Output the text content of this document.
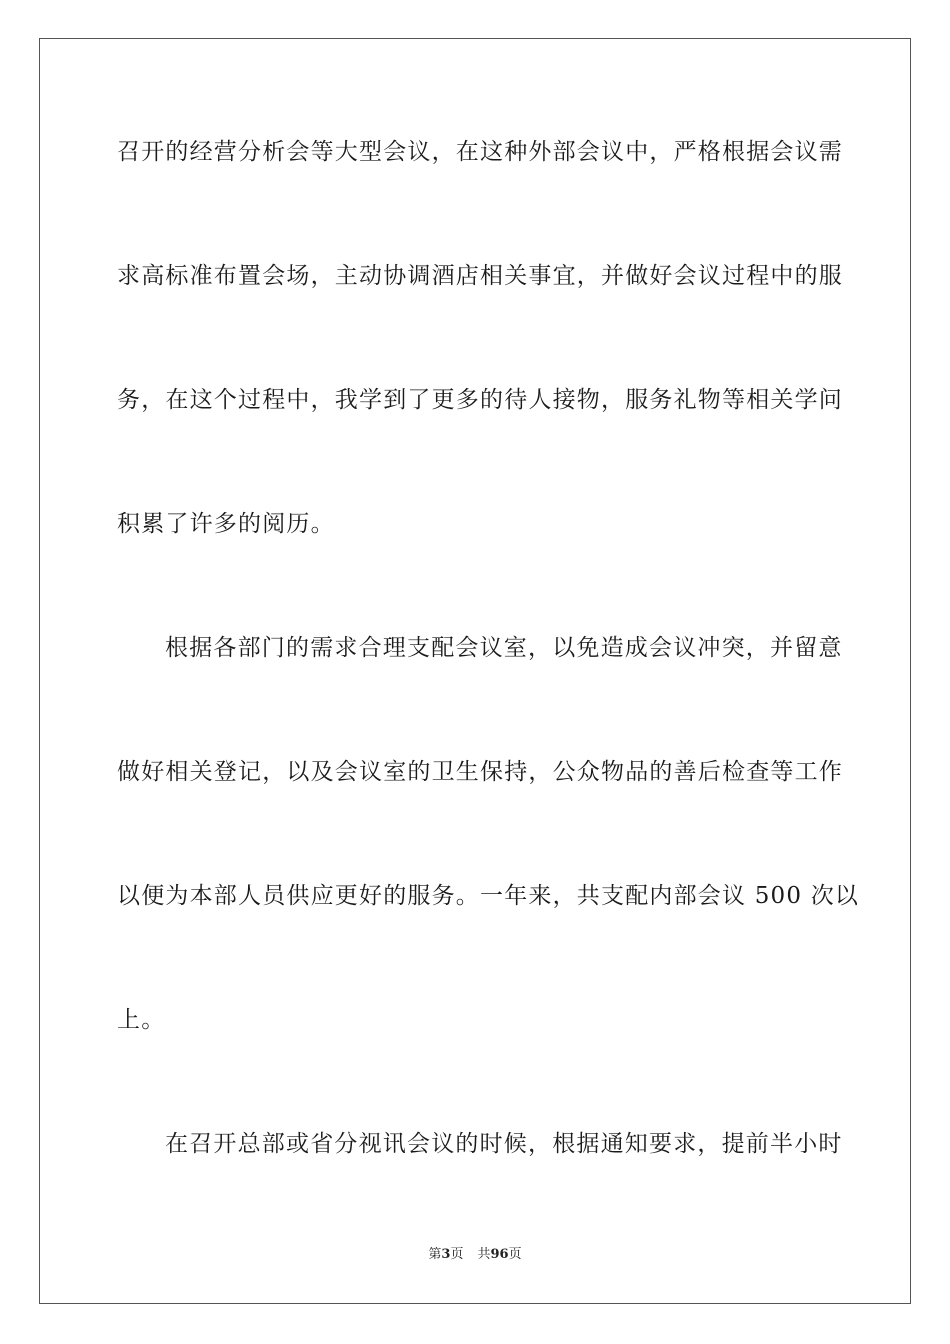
召开的经营分析会等大型会议，在这种外部会议中，严格根据会议需
求高标准布置会场，主动协调酒店相关事宜，并做好会议过程中的服
务，在这个过程中，我学到了更多的待人接物，服务礼物等相关学问
积累了许多的阅历。
根据各部门的需求合理支配会议室，以免造成会议冲突，并留意
做好相关登记，以及会议室的卫生保持，公众物品的善后检查等工作
以便为本部人员供应更好的服务。一年来，共支配内部会议 500 次以
上。
在召开总部或省分视讯会议的时候，根据通知要求，提前半小时
第3页 共96页
